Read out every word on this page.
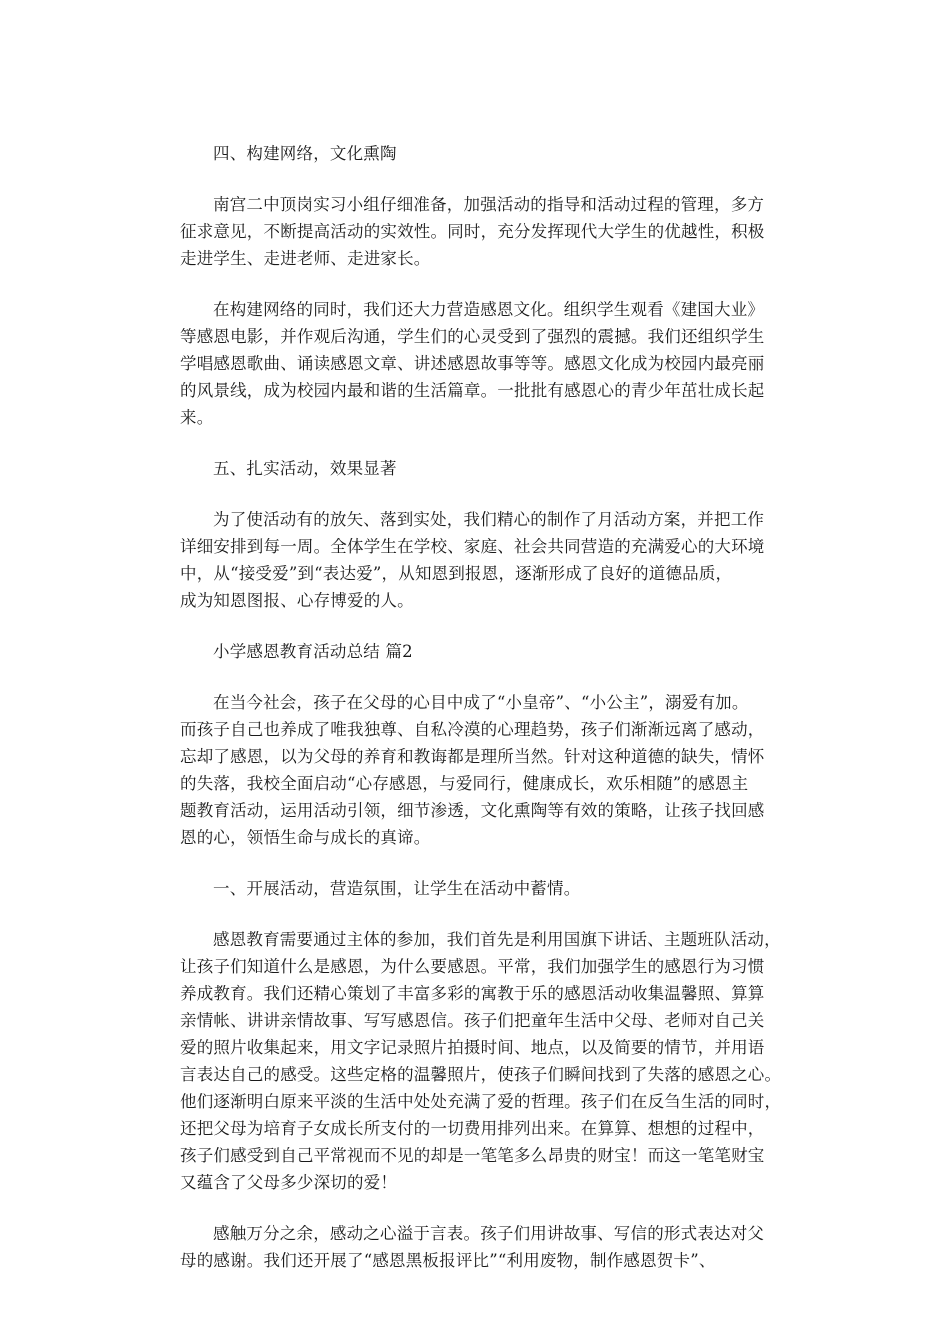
四、构建网络，文化熏陶
南宫二中顶岗实习小组仔细准备，加强活动的指导和活动过程的管理，多方
征求意见，不断提高活动的实效性。同时，充分发挥现代大学生的优越性，积极
走进学生、走进老师、走进家长。
在构建网络的同时，我们还大力营造感恩文化。组织学生观看《建国大业》
等感恩电影，并作观后沟通，学生们的心灵受到了强烈的震撼。我们还组织学生
学唱感恩歌曲、诵读感恩文章、讲述感恩故事等等。感恩文化成为校园内最亮丽
的风景线，成为校园内最和谐的生活篇章。一批批有感恩心的青少年茁壮成长起
来。
五、扎实活动，效果显著
为了使活动有的放矢、落到实处，我们精心的制作了月活动方案，并把工作
详细安排到每一周。全体学生在学校、家庭、社会共同营造的充满爱心的大环境
中，从“接受爱”到“表达爱”，从知恩到报恩，逐渐形成了良好的道德品质，
成为知恩图报、心存博爱的人。
小学感恩教育活动总结 篇2
在当今社会，孩子在父母的心目中成了“小皇帝”、“小公主”，溺爱有加。
而孩子自己也养成了唯我独尊、自私冷漠的心理趋势，孩子们渐渐远离了感动，
忘却了感恩，以为父母的养育和教诲都是理所当然。针对这种道德的缺失，情怀
的失落，我校全面启动“心存感恩，与爱同行，健康成长，欢乐相随”的感恩主
题教育活动，运用活动引领，细节渗透，文化熏陶等有效的策略，让孩子找回感
恩的心，领悟生命与成长的真谛。
一、开展活动，营造氛围，让学生在活动中蓄情。
感恩教育需要通过主体的参加，我们首先是利用国旗下讲话、主题班队活动，
让孩子们知道什么是感恩，为什么要感恩。平常，我们加强学生的感恩行为习惯
养成教育。我们还精心策划了丰富多彩的寓教于乐的感恩活动收集温馨照、算算
亲情帐、讲讲亲情故事、写写感恩信。孩子们把童年生活中父母、老师对自己关
爱的照片收集起来，用文字记录照片拍摄时间、地点，以及简要的情节，并用语
言表达自己的感受。这些定格的温馨照片，使孩子们瞬间找到了失落的感恩之心。
他们逐渐明白原来平淡的生活中处处充满了爱的哲理。孩子们在反刍生活的同时，
还把父母为培育子女成长所支付的一切费用排列出来。在算算、想想的过程中，
孩子们感受到自己平常视而不见的却是一笔笔多么昂贵的财宝！而这一笔笔财宝
又蕴含了父母多少深切的爱！
感触万分之余，感动之心溢于言表。孩子们用讲故事、写信的形式表达对父
母的感谢。我们还开展了“感恩黑板报评比”“利用废物，制作感恩贺卡”、
